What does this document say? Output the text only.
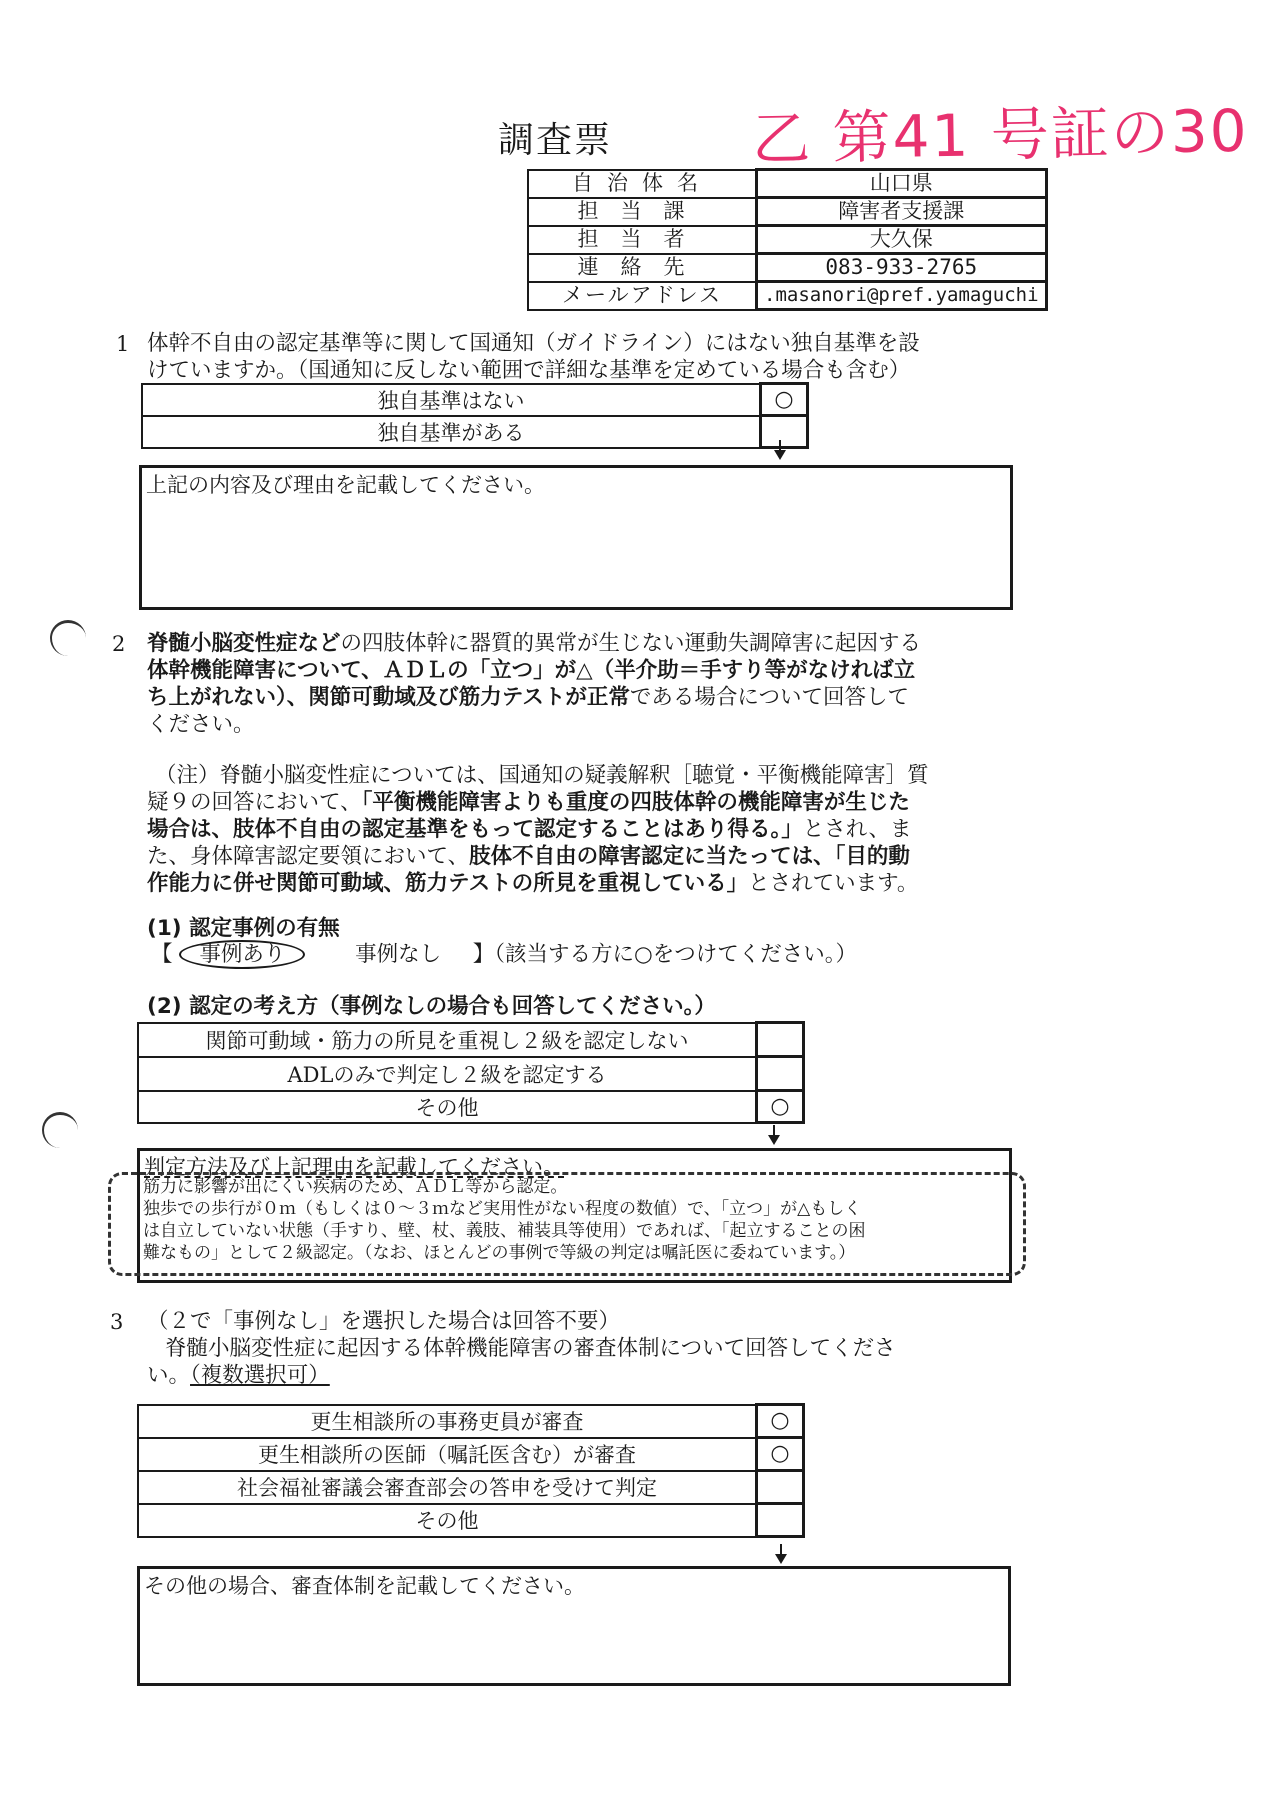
調査票 乙 第41 号証の30
自治体名	山口県
担当課	障害者支援課
担当者	大久保
連絡先	083-933-2765
メールアドレス	.masanori@pref.yamaguchi
1 体幹不自由の認定基準等に関して国通知（ガイドライン）にはない独自基準を設
けていますか。（国通知に反しない範囲で詳細な基準を定めている場合も含む）
独自基準はない	○
独自基準がある	
上記の内容及び理由を記載してください。
2 脊髄小脳変性症などの四肢体幹に器質的異常が生じない運動失調障害に起因する
体幹機能障害について、ＡＤＬの「立つ」が△（半介助＝手すり等がなければ立
ち上がれない）、関節可動域及び筋力テストが正常である場合について回答して
ください。
（注）脊髄小脳変性症については、国通知の疑義解釈［聴覚・平衡機能障害］質
疑９の回答において、「平衡機能障害よりも重度の四肢体幹の機能障害が生じた
場合は、肢体不自由の認定基準をもって認定することはあり得る。」とされ、ま
た、身体障害認定要領において、肢体不自由の障害認定に当たっては、「目的動
作能力に併せ関節可動域、筋力テストの所見を重視している」とされています。
(1) 認定事例の有無
【 事例あり	事例なし 】（該当する方に○をつけてください。）
(2) 認定の考え方（事例なしの場合も回答してください。）
関節可動域・筋力の所見を重視し２級を認定しない	
ADLのみで判定し２級を認定する	
その他	○
判定方法及び上記理由を記載してください。
筋力に影響が出にくい疾病のため、ＡＤＬ等から認定。
独歩での歩行が０ｍ（もしくは０～３ｍなど実用性がない程度の数値）で、「立つ」が△もしく
は自立していない状態（手すり、壁、杖、義肢、補装具等使用）であれば、「起立することの困
難なもの」として２級認定。（なお、ほとんどの事例で等級の判定は嘱託医に委ねています。）
3 （２で「事例なし」を選択した場合は回答不要）
脊髄小脳変性症に起因する体幹機能障害の審査体制について回答してくださ
い。（複数選択可）
更生相談所の事務吏員が審査	○
更生相談所の医師（嘱託医含む）が審査	○
社会福祉審議会審査部会の答申を受けて判定	
その他	
その他の場合、審査体制を記載してください。
